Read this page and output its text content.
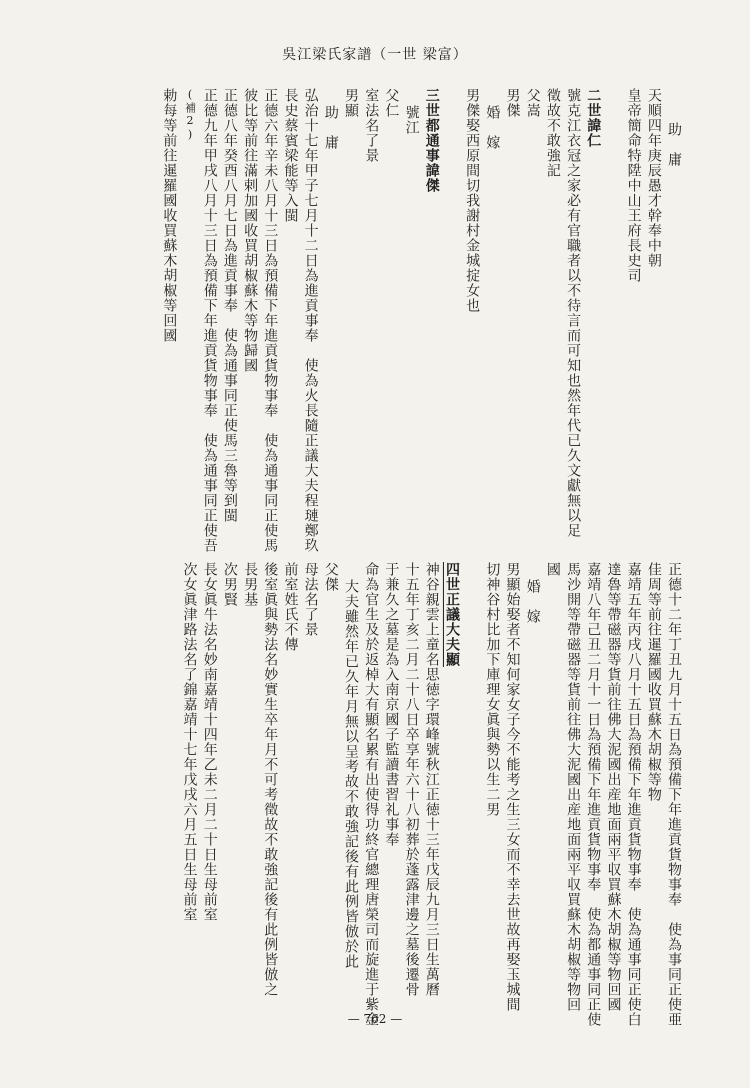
吳江梁氏家譜（一世 梁富）
助　庸
天順四年庚辰愚才幹奉中朝
皇帝簡命特陞中山王府長史司
二世諱仁
號克江衣冠之家必有官職者以不待言而可知也然年代已久文獻無以足
徵故不敢強記
父嵩
男傑
婚　嫁
男傑娶西原間切我謝村金城掟女也
三世都通事諱傑
號江
父仁
室法名了景
男顯
助　庸
弘治十七年甲子七月十二日為進貢事奉　使為火長隨正議大夫程璉鄭玖
長史蔡賓梁能等入閩
正德六年辛未八月十三日為預備下年進貢貨物事奉　使為通事同正使馬
彼比等前往滿剌加國收買胡椒蘇木等物歸國
正德八年癸酉八月七日為進貢事奉　使為通事同正使馬三魯等到閩
正德九年甲戌八月十三日為預備下年進貢貨物事奉　使為通事同正使吾
(補2)
勅每等前往暹羅國收買蘇木胡椒等回國
正德十二年丁丑九月十五日為預備下年進貢貨物事奉　使為事同正使亜
佳周等前往暹羅國收買蘇木胡椒等物
嘉靖五年丙戌八月十五日為預備下年進貢貨物事奉　使為通事同正使白
達魯等帶磁器等貨前往佛大泥國出産地面兩平収買蘇木胡椒等物回國
嘉靖八年己丑二月十一日為預備下年進貢貨物事奉　使為都通事同正使
馬沙開等帶磁器等貨前往佛大泥國出産地面兩平収買蘇木胡椒等物回
國
婚　嫁
男顯始娶者不知何家女子今不能考之生三女而不幸去世故再娶玉城間
切神谷村比加下庫理女眞與勢以生二男
四世正議大夫顯
神谷親雲上童名思徳字環峰號秋江正徳十三年戊辰九月三日生萬曆
十五年丁亥二月二十八日卒享年六十八初葬於蓬露津邊之墓後遷骨
于兼久之墓是為入南京國子監讀書習礼事奉
命為官生及於返棹大有顯名累有出使得功終官總理唐榮司而旋進于紫金
大夫雖然年已久年月無以呈考故不敢強記後有此例皆倣於此
父傑
母法名了景
前室姓氏不傳
後室眞與勢法名妙實生卒年月不可考徵故不敢強記後有此例皆倣之
長男基
次男賢
長女眞牛法名妙南嘉靖十四年乙未二月二十日生母前室
次女眞津路法名了錦嘉靖十七年戊戌六月五日生母前室
— 762 —
